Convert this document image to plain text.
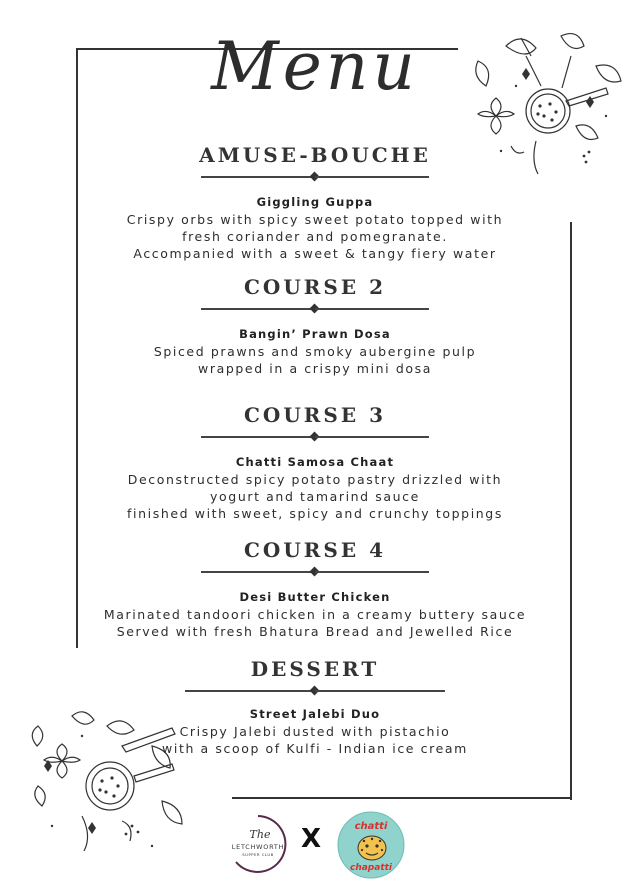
Menu
AMUSE-BOUCHE
Giggling Guppa
Crispy orbs with spicy sweet potato topped with
fresh coriander and pomegranate.
Accompanied with a sweet & tangy fiery water
COURSE 2
Bangin’ Prawn Dosa
Spiced prawns and smoky aubergine pulp
wrapped in a crispy mini dosa
COURSE 3
Chatti Samosa Chaat
Deconstructed spicy potato pastry drizzled with
yogurt and tamarind sauce
finished with sweet, spicy and crunchy toppings
COURSE 4
Desi Butter Chicken
Marinated tandoori chicken in a creamy buttery sauce
Served with fresh Bhatura Bread and Jewelled Rice
DESSERT
Street Jalebi Duo
Crispy Jalebi dusted with pistachio
with a scoop of Kulfi - Indian ice cream
The
LETCHWORTH
SUPPER CLUB
X	chatti
chapatti
